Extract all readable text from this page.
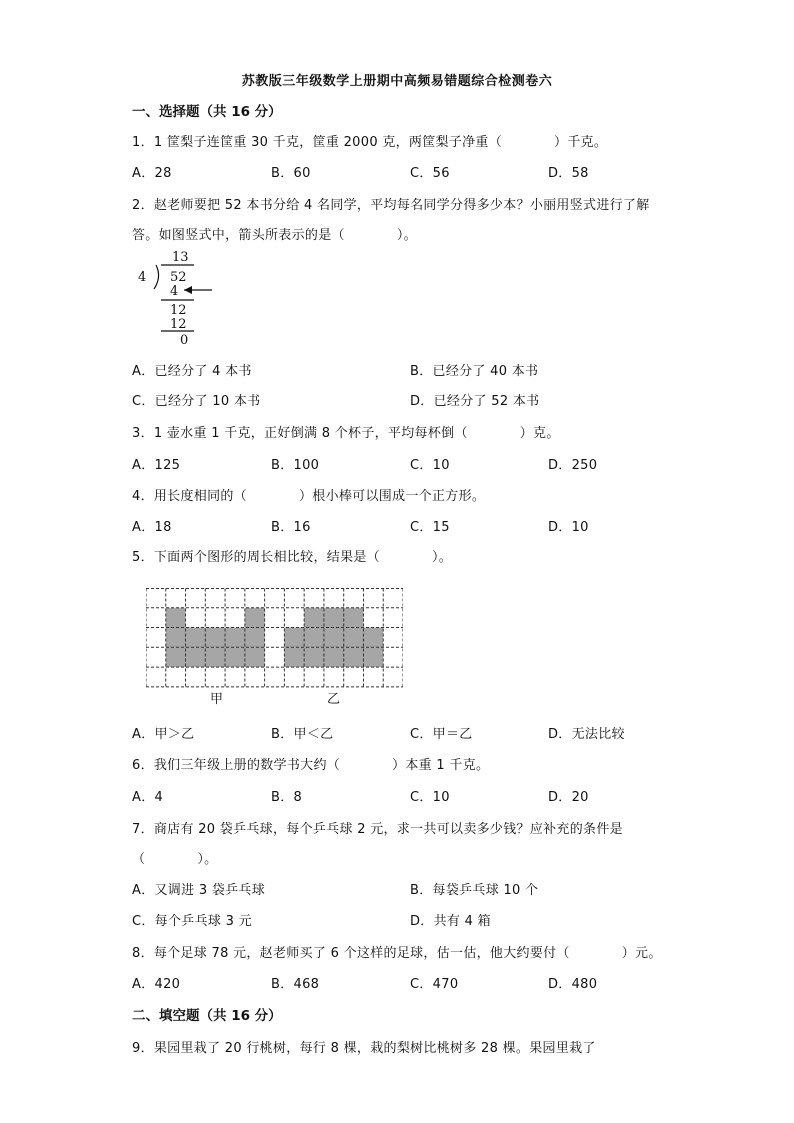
苏教版三年级数学上册期中高频易错题综合检测卷六
一、选择题（共 16 分）
1．1 筐梨子连筐重 30 千克，筐重 2000 克，两筐梨子净重（	）千克。
A．28	B．60	C．56	D．58
2．赵老师要把 52 本书分给 4 名同学，平均每名同学分得多少本？小丽用竖式进行了解
答。如图竖式中，箭头所表示的是（	）。
13
4 52
4
12
12
0
A．已经分了 4 本书	B．已经分了 40 本书
C．已经分了 10 本书	D．已经分了 52 本书
3．1 壶水重 1 千克，正好倒满 8 个杯子，平均每杯倒（	）克。
A．125	B．100	C．10	D．250
4．用长度相同的（	）根小棒可以围成一个正方形。
A．18	B．16	C．15	D．10
5．下面两个图形的周长相比较，结果是（	）。
甲	乙
A．甲＞乙	B．甲＜乙	C．甲＝乙	D．无法比较
6．我们三年级上册的数学书大约（	）本重 1 千克。
A．4	B．8	C．10	D．20
7．商店有 20 袋乒乓球，每个乒乓球 2 元，求一共可以卖多少钱？应补充的条件是
（	）。
A．又调进 3 袋乒乓球	B．每袋乒乓球 10 个
C．每个乒乓球 3 元	D．共有 4 箱
8．每个足球 78 元，赵老师买了 6 个这样的足球，估一估，他大约要付（	）元。
A．420	B．468	C．470	D．480
二、填空题（共 16 分）
9．果园里栽了 20 行桃树，每行 8 棵，栽的梨树比桃树多 28 棵。果园里栽了
